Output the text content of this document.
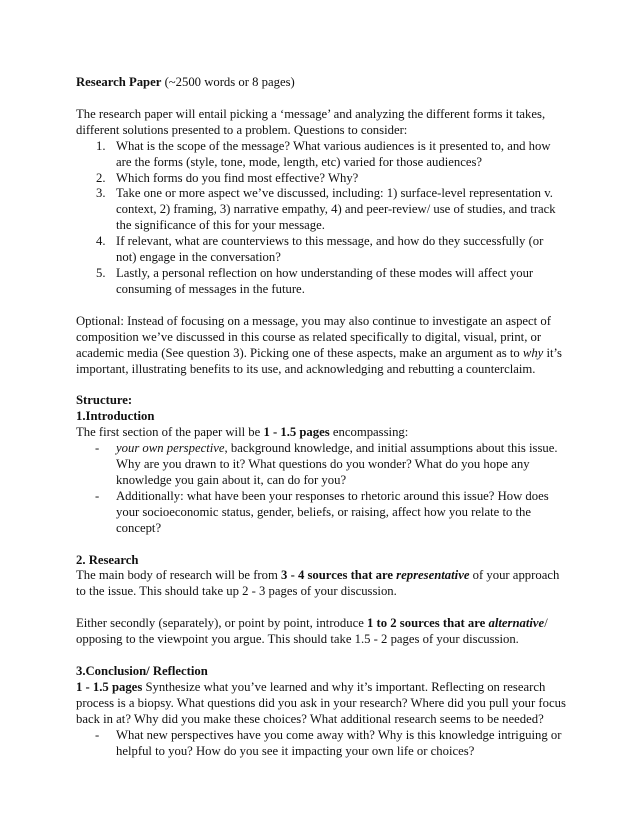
Research Paper (~2500 words or 8 pages)

The research paper will entail picking a ‘message’ and analyzing the different forms it takes, different solutions presented to a problem. Questions to consider:

1. What is the scope of the message? What various audiences is it presented to, and how are the forms (style, tone, mode, length, etc) varied for those audiences?
2. Which forms do you find most effective? Why?
3. Take one or more aspect we’ve discussed, including: 1) surface-level representation v. context, 2) framing, 3) narrative empathy, 4) and peer-review/ use of studies, and track the significance of this for your message.
4. If relevant, what are counterviews to this message, and how do they successfully (or not) engage in the conversation?
5. Lastly, a personal reflection on how understanding of these modes will affect your consuming of messages in the future.

Optional: Instead of focusing on a message, you may also continue to investigate an aspect of composition we’ve discussed in this course as related specifically to digital, visual, print, or academic media (See question 3). Picking one of these aspects, make an argument as to why it’s important, illustrating benefits to its use, and acknowledging and rebutting a counterclaim.

Structure:

1.Introduction

The first section of the paper will be 1 - 1.5 pages encompassing:

- your own perspective, background knowledge, and initial assumptions about this issue. Why are you drawn to it? What questions do you wonder? What do you hope any knowledge you gain about it, can do for you?
- Additionally: what have been your responses to rhetoric around this issue? How does your socioeconomic status, gender, beliefs, or raising, affect how you relate to the concept?

2. Research

The main body of research will be from 3 - 4 sources that are representative of your approach to the issue. This should take up 2 - 3 pages of your discussion.

Either secondly (separately), or point by point, introduce 1 to 2 sources that are alternative/ opposing to the viewpoint you argue. This should take 1.5 - 2 pages of your discussion.

3.Conclusion/ Reflection

1 - 1.5 pages Synthesize what you’ve learned and why it’s important. Reflecting on research process is a biopsy. What questions did you ask in your research? Where did you pull your focus back in at? Why did you make these choices? What additional research seems to be needed?

- What new perspectives have you come away with? Why is this knowledge intriguing or helpful to you? How do you see it impacting your own life or choices?
